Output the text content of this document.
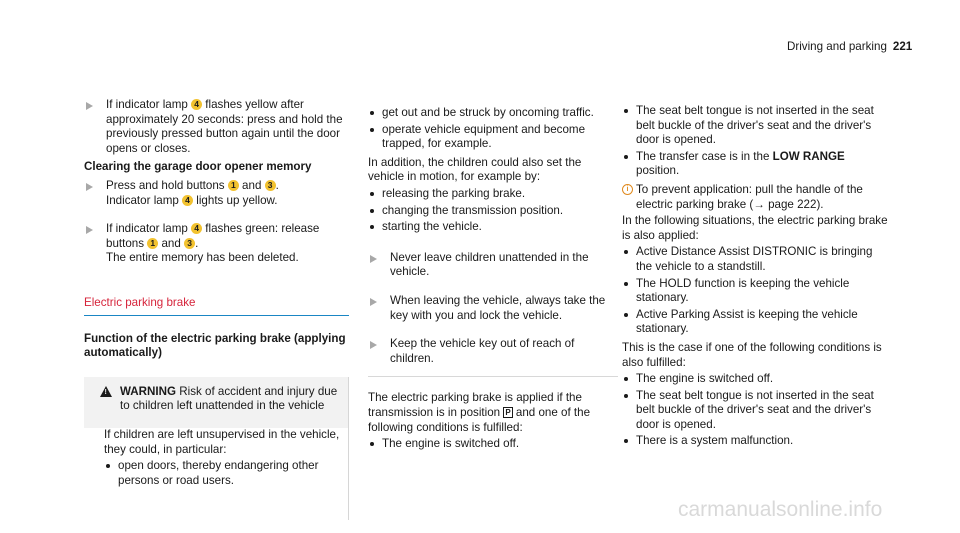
Driving and parking 221
If indicator lamp 4 flashes yellow after approximately 20 seconds: press and hold the previously pressed button again until the door opens or closes.

Clearing the garage door opener memory

Press and hold buttons 1 and 3 .
Indicator lamp 4 lights up yellow.
If indicator lamp 4 flashes green: release buttons 1 and 3 .
The entire memory has been deleted.
Electric parking brake
Function of the electric parking brake (applying automatically)
!
WARNING Risk of accident and injury due to children left unattended in the vehicle

If children are left unsupervised in the vehicle, they could, in particular:

open doors, thereby endangering other persons or road users.
get out and be struck by oncoming traffic.
operate vehicle equipment and become trapped, for example.

In addition, the children could also set the vehicle in motion, for example by:

releasing the parking brake.
changing the transmission position.
starting the vehicle.
Never leave children unattended in the vehicle.
When leaving the vehicle, always take the key with you and lock the vehicle.
Keep the vehicle key out of reach of children.

The electric parking brake is applied if the transmission is in position P and one of the following conditions is fulfilled:

The engine is switched off.
The seat belt tongue is not inserted in the seat belt buckle of the driver's seat and the driver's door is opened.
The transfer case is in the LOW RANGE position.
i To prevent application: pull the handle of the electric parking brake (→ page 222).

In the following situations, the electric parking brake is also applied:

Active Distance Assist DISTRONIC is bringing the vehicle to a standstill.
The HOLD function is keeping the vehicle stationary.
Active Parking Assist is keeping the vehicle stationary.

This is the case if one of the following conditions is also fulfilled:

The engine is switched off.
The seat belt tongue is not inserted in the seat belt buckle of the driver's seat and the driver's door is opened.
There is a system malfunction.
carmanualsonline.info
